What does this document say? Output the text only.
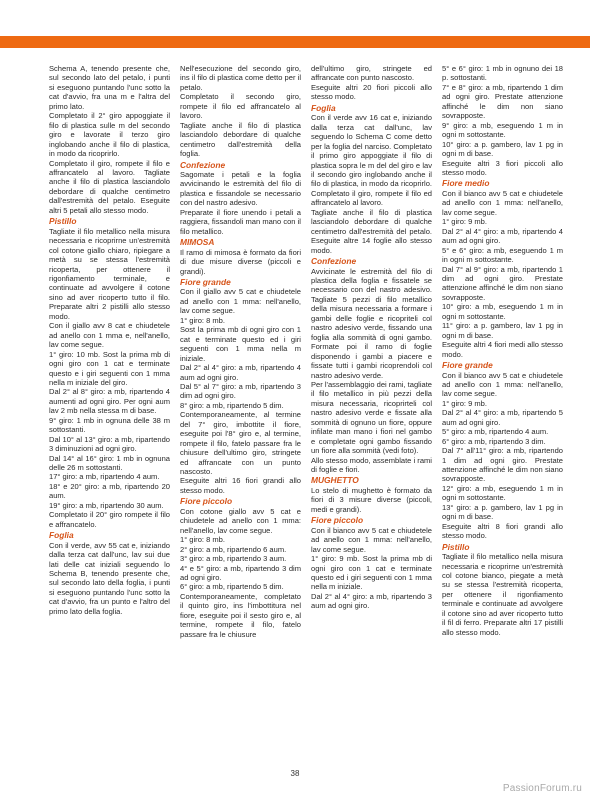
Schema A, tenendo presente che, sul secondo lato del petalo, i punti si eseguono puntando l'unc sotto la cat d'avvio, fra una m e l'altra del primo lato.

Completato il 2° giro appoggiate il filo di plastica sulle m del secondo giro e lavorate il terzo giro inglobando anche il filo di plastica, in modo da ricoprirlo.

Completato il giro, rompete il filo e affrancatelo al lavoro. Tagliate anche il filo di plastica lasciandolo debordare di qualche centimetro dall'estremità del petalo. Eseguite altri 5 petali allo stesso modo.

Pistillo

Tagliate il filo metallico nella misura necessaria e ricoprirne un'estremità col cotone giallo chiaro, ripiegare a metà su se stessa l'estremità ricoperta, per ottenere il rigonfiamento terminale, e continuate ad avvolgere il cotone sino ad aver ricoperto tutto il filo. Preparate altri 2 pistilli allo stesso modo.

Con il giallo avv 8 cat e chiudetele ad anello con 1 mma e, nell'anello, lav come segue.

1° giro: 10 mb. Sost la prima mb di ogni giro con 1 cat e terminate questo e i giri seguenti con 1 mma nella m iniziale del giro.

Dal 2° al 8° giro: a mb, ripartendo 4 aumenti ad ogni giro. Per ogni aum lav 2 mb nella stessa m di base.

9° giro: 1 mb in ognuna delle 38 m sottostanti.

Dal 10° al 13° giro: a mb, ripartendo 3 diminuzioni ad ogni giro.

Dal 14° al 16° giro: 1 mb in ognuna delle 26 m sottostanti.

17° giro: a mb, ripartendo 4 aum.

18° e 20° giro: a mb, ripartendo 20 aum.

19° giro: a mb, ripartendo 30 aum.

Completato il 20° giro rompete il filo e affrancatelo.

Foglia

Con il verde, avv 55 cat e, iniziando dalla terza cat dall'unc, lav sui due lati delle cat iniziali seguendo lo Schema B, tenendo presente che, sul secondo lato della foglia, i punti si eseguono puntando l'unc sotto la cat d'avvio, fra un punto e l'altro del primo lato della foglia.

Nell'esecuzione del secondo giro, ins il filo di plastica come detto per il petalo.

Completato il secondo giro, rompete il filo ed affrancatelo al lavoro.

Tagliate anche il filo di plastica lasciandolo debordare di qualche centimetro dall'estremità della foglia.

Confezione

Sagomate i petali e la foglia avvicinando le estremità del filo di plastica e fissandole se necessario con del nastro adesivo.

Preparate il fiore unendo i petali a raggiera, fissandoli man mano con il filo metallico.

MIMOSA

Il ramo di mimosa è formato da fiori di due misure diverse (piccoli e grandi).

Fiore grande

Con il giallo avv 5 cat e chiudetele ad anello con 1 mma: nell'anello, lav come segue.

1° giro: 8 mb.

Sost la prima mb di ogni giro con 1 cat e terminate questo ed i giri seguenti con 1 mma nella m iniziale.

Dal 2° al 4° giro: a mb, ripartendo 4 aum ad ogni giro.

Dal 5° al 7° giro: a mb, ripartendo 3 dim ad ogni giro.

8° giro: a mb, ripartendo 5 dim.

Contemporaneamente, al termine del 7° giro, imbottite il fiore, eseguite poi l'8° giro e, al termine, rompete il filo, fatelo passare fra le chiusure dell'ultimo giro, stringete ed affrancate con un punto nascosto.

Eseguite altri 16 fiori grandi allo stesso modo.

Fiore piccolo

Con cotone giallo avv 5 cat e chiudetele ad anello con 1 mma: nell'anello, lav come segue.

1° giro: 8 mb.

2° giro: a mb, ripartendo 6 aum.

3° giro: a mb, ripartendo 3 aum.

4° e 5° giro: a mb, ripartendo 3 dim ad ogni giro.

6° giro: a mb, ripartendo 5 dim.

Contemporaneamente, completato il quinto giro, ins l'imbottitura nel fiore, eseguite poi il sesto giro e, al termine, rompete il filo, fatelo passare fra le chiusure

dell'ultimo giro, stringete ed affrancate con punto nascosto.

Eseguite altri 20 fiori piccoli allo stesso modo.

Foglia

Con il verde avv 16 cat e, iniziando dalla terza cat dall'unc, lav seguendo lo Schema C come detto per la foglia del narciso. Completato il primo giro appoggiate il filo di plastica sopra le m del del giro e lav il secondo giro inglobando anche il filo di plastica, in modo da ricoprirlo. Completato il giro, rompete il filo ed affrancatelo al lavoro.

Tagliate anche il filo di plastica lasciandolo debordare di qualche centimetro dall'estremità del petalo. Eseguite altre 14 foglie allo stesso modo.

Confezione

Avvicinate le estremità del filo di plastica della foglia e fissatele se necessario con del nastro adesivo. Tagliate 5 pezzi di filo metallico della misura necessaria a formare i gambi delle foglie e ricopriteli col nastro adesivo verde, fissando una foglia alla sommità di ogni gambo. Formate poi il ramo di foglie disponendo i gambi a piacere e fissate tutti i gambi ricoprendoli col nastro adesivo verde.

Per l'assemblaggio dei rami, tagliate il filo metallico in più pezzi della misura necessaria, ricoprirteli col nastro adesivo verde e fissate alla sommità di ognuno un fiore, oppure infilate man mano i fiori nel gambo e completate ogni gambo fissando un fiore alla sommità (vedi foto).

Allo stesso modo, assemblate i rami di foglie e fiori.

MUGHETTO

Lo stelo di mughetto è formato da fiori di 3 misure diverse (piccoli, medi e grandi).

Fiore piccolo

Con il bianco avv 5 cat e chiudetele ad anello con 1 mma: nell'anello, lav come segue.

1° giro: 9 mb. Sost la prima mb di ogni giro con 1 cat e terminate questo ed i giri seguenti con 1 mma nella m iniziale.

Dal 2° al 4° giro: a mb, ripartendo 3 aum ad ogni giro.

5° e 6° giro: 1 mb in ognuno dei 18 p. sottostanti.

7° e 8° giro: a mb, ripartendo 1 dim ad ogni giro. Prestate attenzione affinché le dim non siano sovrapposte.

9° giro: a mb, eseguendo 1 m in ogni m sottostante.

10° giro: a p. gambero, lav 1 pg in ogni m di base.

Eseguite altri 3 fiori piccoli allo stesso modo.

Fiore medio

Con il bianco avv 5 cat e chiudetele ad anello con 1 mma: nell'anello, lav come segue.

1° giro: 9 mb.

Dal 2° al 4° giro: a mb, ripartendo 4 aum ad ogni giro.

5° e 6° giro: a mb, eseguendo 1 m in ogni m sottostante.

Dal 7° al 9° giro: a mb, ripartendo 1 dim ad ogni giro. Prestate attenzione affinché le dim non siano sovrapposte.

10° giro: a mb, eseguendo 1 m in ogni m sottostante.

11° giro: a p. gambero, lav 1 pg in ogni m di base.

Eseguite altri 4 fiori medi allo stesso modo.

Fiore grande

Con il bianco avv 5 cat e chiudetele ad anello con 1 mma: nell'anello, lav come segue.

1° giro: 9 mb.

Dal 2° al 4° giro: a mb, ripartendo 5 aum ad ogni giro.

5° giro: a mb, ripartendo 4 aum.

6° giro: a mb, ripartendo 3 dim.

Dal 7° all'11° giro: a mb, ripartendo 1 dim ad ogni giro. Prestate attenzione affinché le dim non siano sovrapposte.

12° giro: a mb, eseguendo 1 m in ogni m sottostante.

13° giro: a p. gambero, lav 1 pg in ogni m di base.

Eseguite altri 8 fiori grandi allo stesso modo.

Pistillo

Tagliate il filo metallico nella misura necessaria e ricoprirne un'estremità col cotone bianco, piegate a metà su se stessa l'estremità ricoperta, per ottenere il rigonfiamento terminale e continuate ad avvolgere il cotone sino ad aver ricoperto tutto il fil di ferro. Preparate altri 17 pistilli allo stesso modo.

38
PassionForum.ru
